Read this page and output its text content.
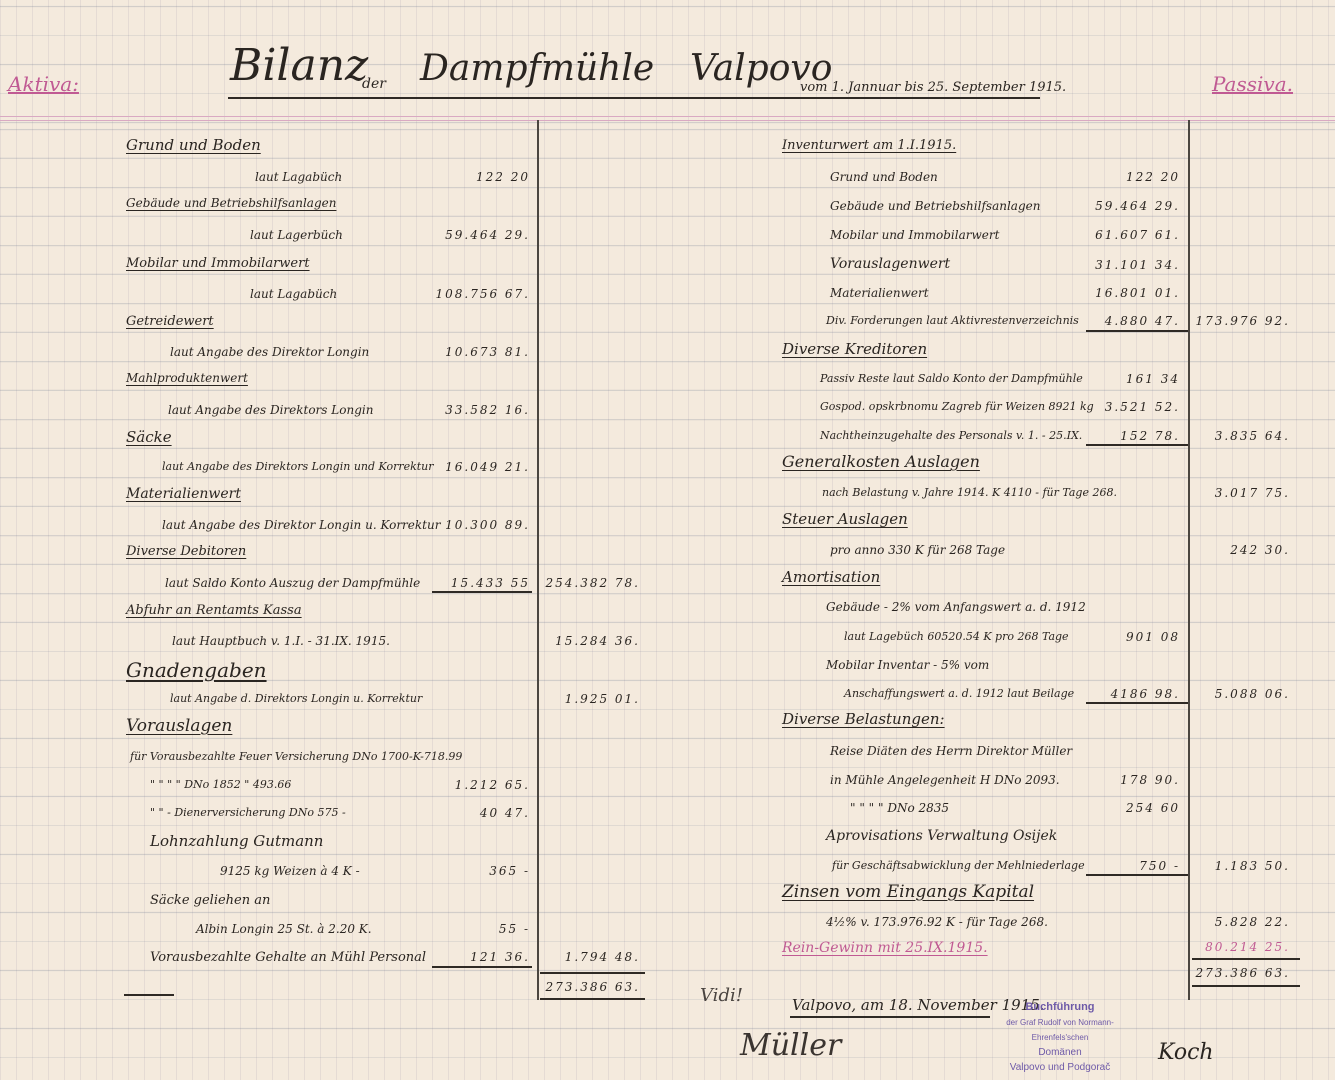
Aktiva:	Bilanz
der Dampfmühle Valpovo
vom 1. Jannuar bis 25. September 1915.	Passiva.
Grund und Boden
laut Lagabüch	122 20
Gebäude und Betriebshilfsanlagen
laut Lagerbüch	59.464 29.
Mobilar und Immobilarwert
laut Lagabüch	108.756 67.
Getreidewert
laut Angabe des Direktor Longin	10.673 81.
Mahlproduktenwert
laut Angabe des Direktors Longin	33.582 16.
Säcke
laut Angabe des Direktors Longin und Korrektur 16.049 21.
Materialienwert
laut Angabe des Direktor Longin u. Korrektur 10.300 89.
Diverse Debitoren
laut Saldo Konto Auszug der Dampfmühle	15.433 55 254.382 78.
Abfuhr an Rentamts Kassa
laut Hauptbuch v. 1.I. - 31.IX. 1915.	15.284 36.
Gnadengaben
laut Angabe d. Direktors Longin u. Korrektur	1.925 01.
Vorauslagen
für Vorausbezahlte Feuer Versicherung DNo 1700-K-718.99
" " " " DNo 1852 " 493.66	1.212 65.
" " - Dienerversicherung DNo 575 -	40 47.
Lohnzahlung Gutmann
9125 kg Weizen à 4 K -	365 -
Säcke geliehen an
Albin Longin 25 St. à 2.20 K.	55 -
Vorausbezahlte Gehalte an Mühl Personal	121 36.	1.794 48.
273.386 63.
Inventurwert am 1.I.1915.
Grund und Boden	122 20
Gebäude und Betriebshilfsanlagen	59.464 29.
Mobilar und Immobilarwert	61.607 61.
Vorauslagenwert	31.101 34.
Materialienwert	16.801 01.
Div. Forderungen laut Aktivrestenverzeichnis 4.880 47. 173.976 92.
Diverse Kreditoren
Passiv Reste laut Saldo Konto der Dampfmühle	161 34
Gospod. opskrbnomu Zagreb für Weizen 8921 kg 3.521 52.
Nachtheinzugehalte des Personals v. 1. - 25.IX.	152 78.	3.835 64.
Generalkosten Auslagen
nach Belastung v. Jahre 1914. K 4110 - für Tage 268.	3.017 75.
Steuer Auslagen
pro anno 330 K für 268 Tage	242 30.
Amortisation
Gebäude - 2% vom Anfangswert a. d. 1912
laut Lagebüch 60520.54 K pro 268 Tage	901 08
Mobilar Inventar - 5% vom
Anschaffungswert a. d. 1912 laut Beilage	4186 98.	5.088 06.
Diverse Belastungen:
Reise Diäten des Herrn Direktor Müller
in Mühle Angelegenheit H DNo 2093.	178 90.
" " " " DNo 2835	254 60
Aprovisations Verwaltung Osijek
für Geschäftsabwicklung der Mehlniederlage	750 -	1.183 50.
Zinsen vom Eingangs Kapital
4½% v. 173.976.92 K - für Tage 268.	5.828 22.
Rein-Gewinn mit 25.IX.1915.	80.214 25.
273.386 63.
Vidi!	Valpovo, am 18. November 1915.
Müller	Koch
Buchführung
der Graf Rudolf von Normann-Ehrenfels'schen
Domänen
Valpovo und Podgorač
